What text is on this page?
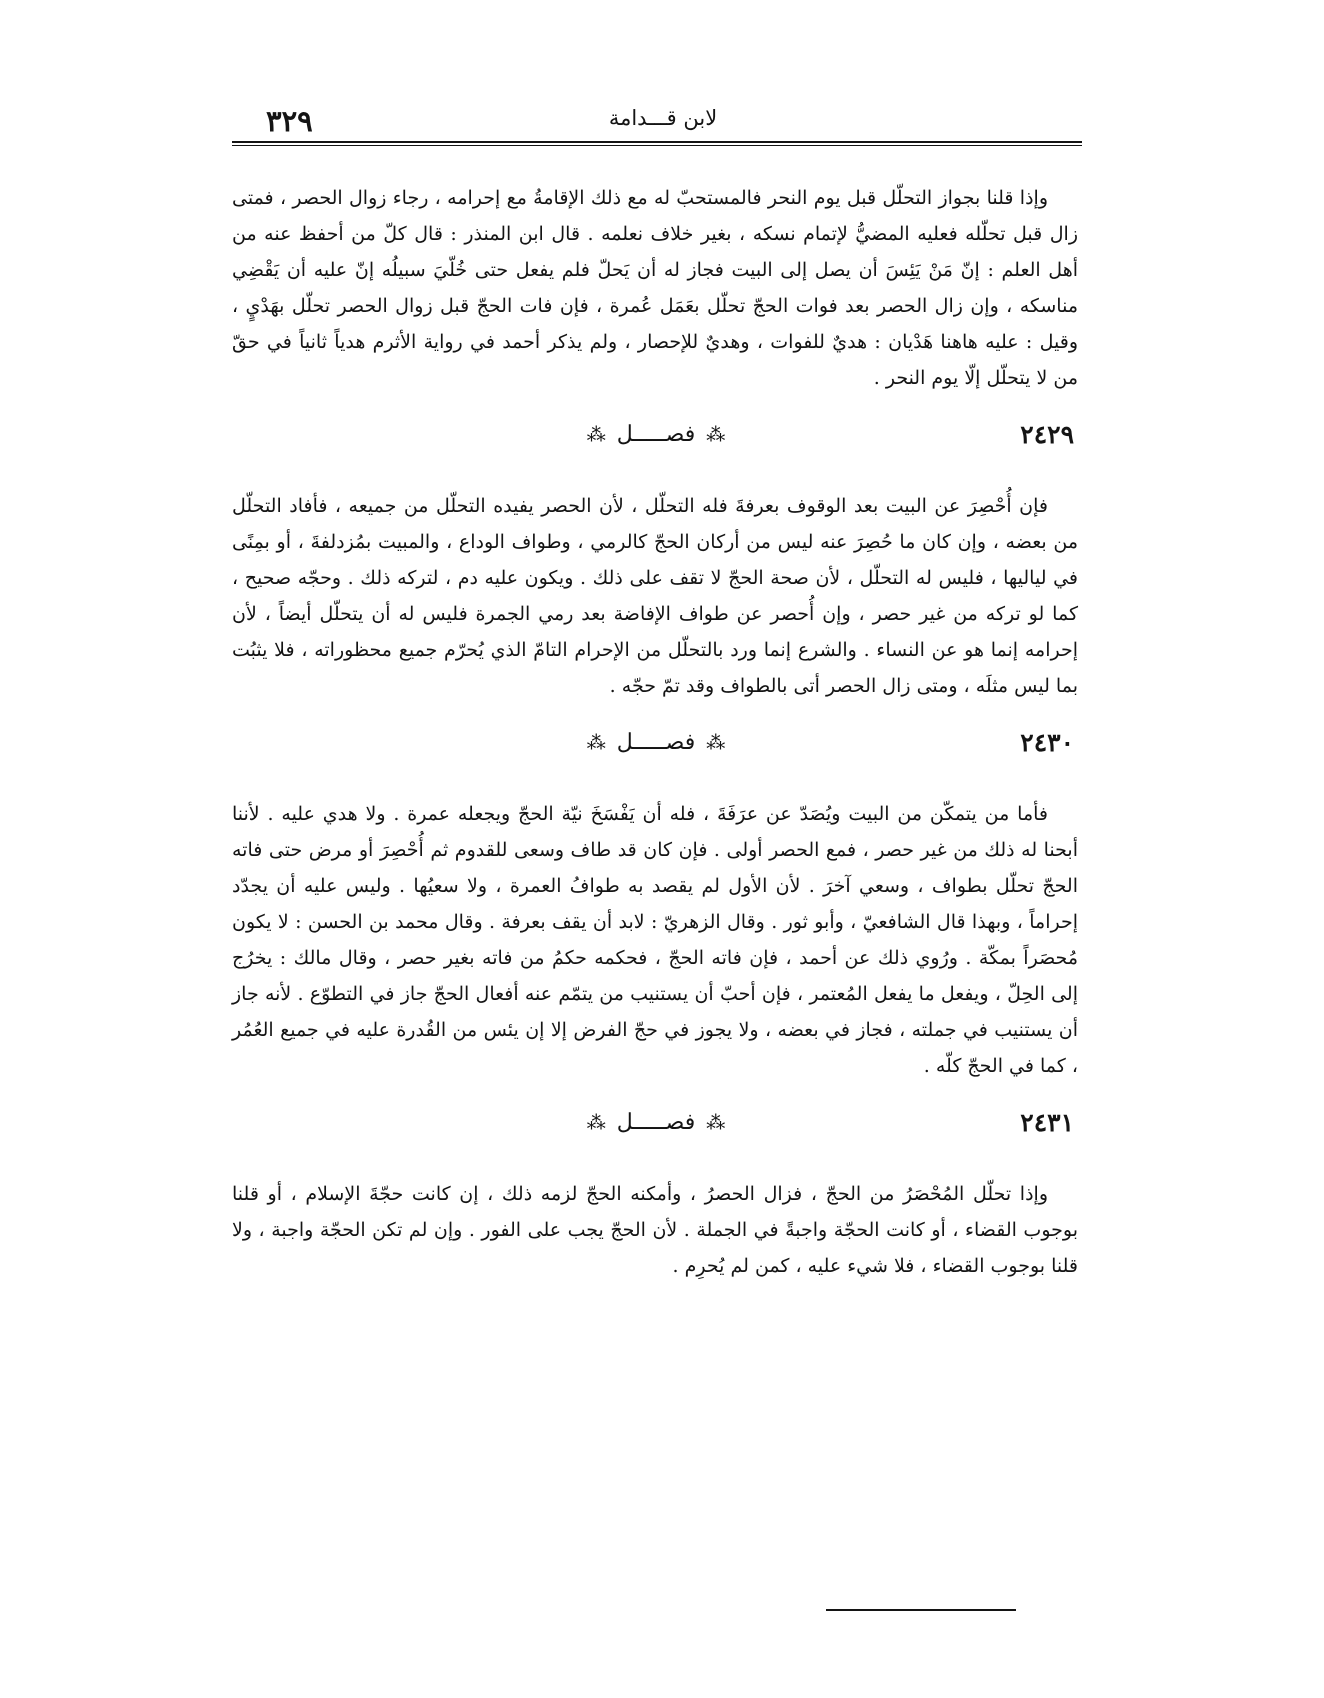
٣٢٩	لابن قـــدامة

وإذا قلنا بجواز التحلّل قبل يوم النحر فالمستحبّ له مع ذلك الإقامةُ مع إحرامه ، رجاء زوال الحصر ، فمتى زال قبل تحلّله فعليه المضيُّ لإتمام نسكه ، بغير خلاف نعلمه . قال ابن المنذر : قال كلّ من أحفظ عنه من أهل العلم : إنّ مَنْ يَئِسَ أن يصل إلى البيت فجاز له أن يَحلّ فلم يفعل حتى خُلّيَ سبيلُه إنّ عليه أن يَقْضِي مناسكه ، وإن زال الحصر بعد فوات الحجّ تحلّل بعَمَل عُمرة ، فإن فات الحجّ قبل زوال الحصر تحلّل بهَدْيٍ ، وقيل : عليه هاهنا هَدْيان : هديٌ للفوات ، وهديٌ للإحصار ، ولم يذكر أحمد في رواية الأثرم هدياً ثانياً في حقّ من لا يتحلّل إلّا يوم النحر .

٢٤٢٩
⁂ فصـــــل ⁂

فإن أُحْصِرَ عن البيت بعد الوقوف بعرفةَ فله التحلّل ، لأن الحصر يفيده التحلّل من جميعه ، فأفاد التحلّل من بعضه ، وإن كان ما حُصِرَ عنه ليس من أركان الحجّ كالرمي ، وطواف الوداع ، والمبيت بمُزدلفةَ ، أو بمِنًى في لياليها ، فليس له التحلّل ، لأن صحة الحجّ لا تقف على ذلك . ويكون عليه دم ، لتركه ذلك . وحجّه صحيح ، كما لو تركه من غير حصر ، وإن أُحصر عن طواف الإفاضة بعد رمي الجمرة فليس له أن يتحلّل أيضاً ، لأن إحرامه إنما هو عن النساء . والشرع إنما ورد بالتحلّل من الإحرام التامّ الذي يُحرّم جميع محظوراته ، فلا يثبُت بما ليس مثلَه ، ومتى زال الحصر أتى بالطواف وقد تمّ حجّه .

٢٤٣٠
⁂ فصـــــل ⁂

فأما من يتمكّن من البيت ويُصَدّ عن عرَفَةَ ، فله أن يَفْسَخَ نيّة الحجّ ويجعله عمرة . ولا هدي عليه . لأننا أبحنا له ذلك من غير حصر ، فمع الحصر أولى . فإن كان قد طاف وسعى للقدوم ثم أُحْصِرَ أو مرض حتى فاته الحجّ تحلّل بطواف ، وسعي آخرَ . لأن الأول لم يقصد به طوافُ العمرة ، ولا سعيُها . وليس عليه أن يجدّد إحراماً ، وبهذا قال الشافعيّ ، وأبو ثور . وقال الزهريّ : لابد أن يقف بعرفة . وقال محمد بن الحسن : لا يكون مُحصَراً بمكّة . ورُوي ذلك عن أحمد ، فإن فاته الحجّ ، فحكمه حكمُ من فاته بغير حصر ، وقال مالك : يخرُج إلى الحِلّ ، ويفعل ما يفعل المُعتمر ، فإن أحبّ أن يستنيب من يتمّم عنه أفعال الحجّ جاز في التطوّع . لأنه جاز أن يستنيب في جملته ، فجاز في بعضه ، ولا يجوز في حجّ الفرض إلا إن يئس من القُدرة عليه في جميع العُمُر ، كما في الحجّ كلّه .

٢٤٣١
⁂ فصـــــل ⁂

وإذا تحلّل المُحْصَرُ من الحجّ ، فزال الحصرُ ، وأمكنه الحجّ لزمه ذلك ، إن كانت حجّةَ الإسلام ، أو قلنا بوجوب القضاء ، أو كانت الحجّة واجبةً في الجملة . لأن الحجّ يجب على الفور . وإن لم تكن الحجّة واجبة ، ولا قلنا بوجوب القضاء ، فلا شيء عليه ، كمن لم يُحرِم .
